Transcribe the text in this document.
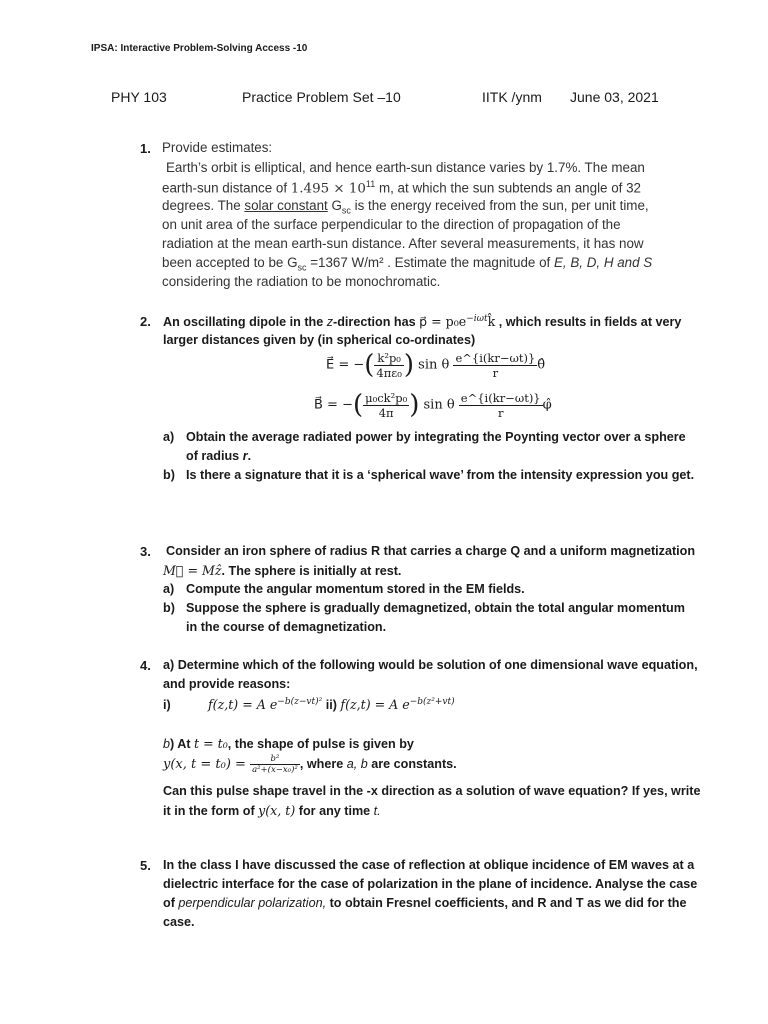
IPSA: Interactive Problem-Solving Access -10
PHY 103	Practice Problem Set –10	IITK /ynm June 03, 2021
1. Provide estimates:
Earth’s orbit is elliptical, and hence earth-sun distance varies by 1.7%. The mean
earth-sun distance of $1.495 \times 10^{11}$ m, at which the sun subtends an angle of 32
degrees. The solar constant $G_{sc}$ is the energy received from the sun, per unit time,
on unit area of the surface perpendicular to the direction of propagation of the
radiation at the mean earth-sun distance. After several measurements, it has now
been accepted to be $G_{sc} =1367$ W/m² . Estimate the magnitude of E, B, D, H and S
considering the radiation to be monochromatic.
2. An oscillating dipole in the z-direction has p⃗ = $p_0e^{-i\omega t}k̂$ , which results in fields at very
larger distances given by (in spherical co-ordinates)
E⃗ = −( $\frac{\text{k²p₀}}{\text{4πε₀}}$ ) sin θ $\frac{e\^{}\{i(kr-\omega t)\}}{r}$ θ̂
B⃗ = −( $\frac{\text{μ₀ck²p₀}}{4\pi}$ ) sin θ $\frac{e\^{}\{i(kr-\omega t)\}}{r}$ φ̂
a) Obtain the average radiated power by integrating the Poynting vector over a sphere
of radius r.
b) Is there a signature that it is a ‘spherical wave’ from the intensity expression you get.
3. Consider an iron sphere of radius R that carries a charge Q and a uniform magnetization
M⃗ = Mẑ. The sphere is initially at rest.
a) Compute the angular momentum stored in the EM fields.
b) Suppose the sphere is gradually demagnetized, obtain the total angular momentum
in the course of demagnetization.
4. a) Determine which of the following would be solution of one dimensional wave equation,
and provide reasons:
i)	f(z,t) = A $e^{-b(z-vt)^2}$ ii) f(z,t) = A $e^{-b(z^2+vt)}$
b) At t = t₀, the shape of pulse is given by
y(x, $t = t_0) = \frac{\text{b²}}{\text{a²+(x−x₀)²}}$ , where a, b are constants.
Can this pulse shape travel in the -x direction as a solution of wave equation? If yes, write
it in the form of y(x, t) for any time t.
5. In the class I have discussed the case of reflection at oblique incidence of EM waves at a
dielectric interface for the case of polarization in the plane of incidence. Analyse the case
of perpendicular polarization, to obtain Fresnel coefficients, and R and T as we did for the
case.
